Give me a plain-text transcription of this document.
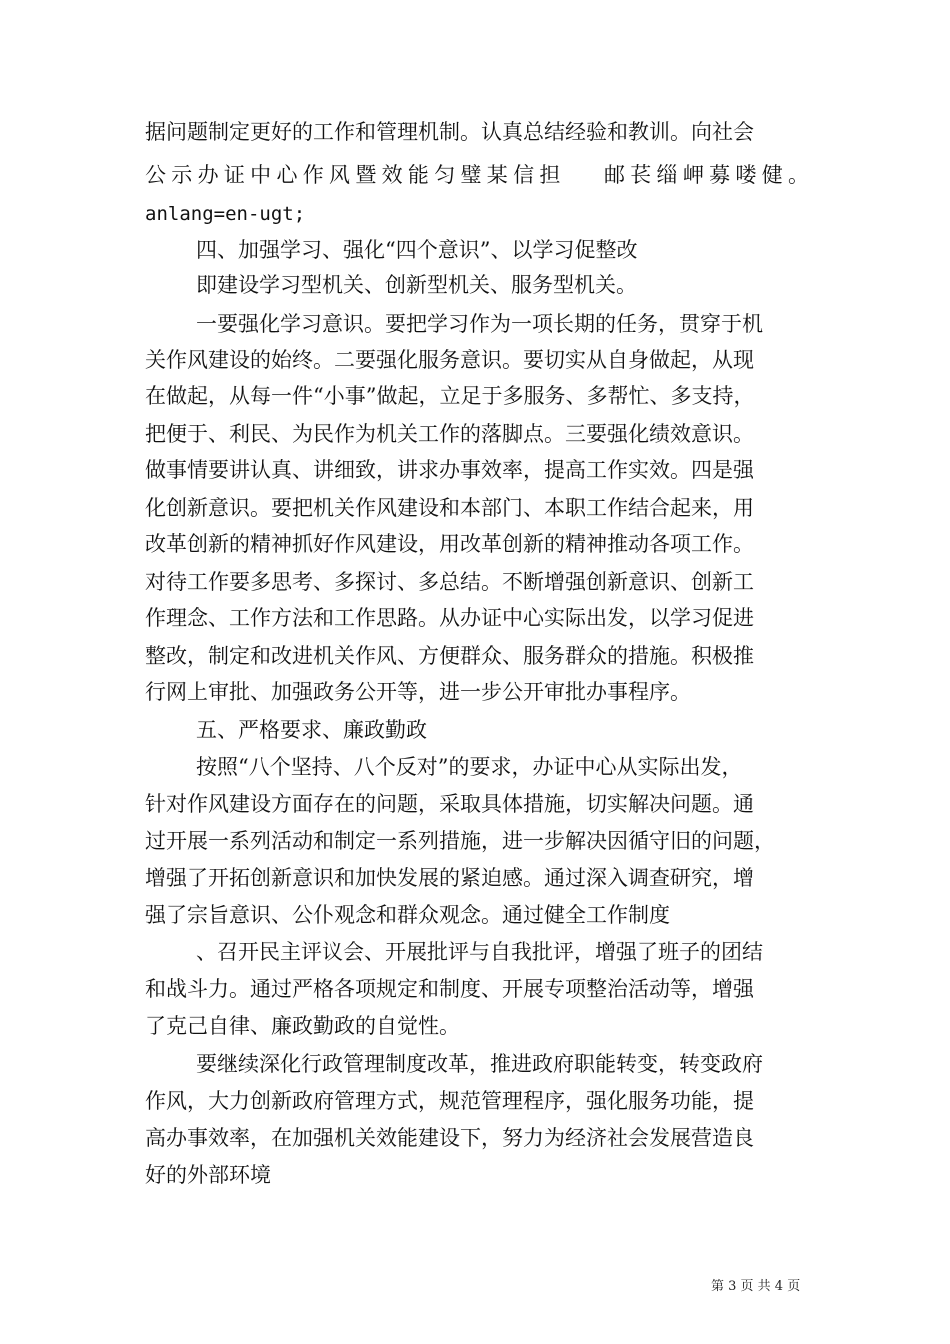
据问题制定更好的工作和管理机制。认真总结经验和教训。向社会
公示办证中心作风暨效能匀璧某信担　 邮苌缁岬募喽健。
anlang=en-ugt;
四、加强学习、强化“四个意识”、以学习促整改
即建设学习型机关、创新型机关、服务型机关。
一要强化学习意识。要把学习作为一项长期的任务，贯穿于机
关作风建设的始终。二要强化服务意识。要切实从自身做起，从现
在做起，从每一件“小事”做起，立足于多服务、多帮忙、多支持，
把便于、利民、为民作为机关工作的落脚点。三要强化绩效意识。
做事情要讲认真、讲细致，讲求办事效率，提高工作实效。四是强
化创新意识。要把机关作风建设和本部门、本职工作结合起来，用
改革创新的精神抓好作风建设，用改革创新的精神推动各项工作。
对待工作要多思考、多探讨、多总结。不断增强创新意识、创新工
作理念、工作方法和工作思路。从办证中心实际出发，以学习促进
整改，制定和改进机关作风、方便群众、服务群众的措施。积极推
行网上审批、加强政务公开等，进一步公开审批办事程序。
五、严格要求、廉政勤政
按照“八个坚持、八个反对”的要求，办证中心从实际出发，
针对作风建设方面存在的问题，采取具体措施，切实解决问题。通
过开展一系列活动和制定一系列措施，进一步解决因循守旧的问题，
增强了开拓创新意识和加快发展的紧迫感。通过深入调查研究，增
强了宗旨意识、公仆观念和群众观念。通过健全工作制度
、召开民主评议会、开展批评与自我批评，增强了班子的团结
和战斗力。通过严格各项规定和制度、开展专项整治活动等，增强
了克己自律、廉政勤政的自觉性。
要继续深化行政管理制度改革，推进政府职能转变，转变政府
作风，大力创新政府管理方式，规范管理程序，强化服务功能，提
高办事效率，在加强机关效能建设下，努力为经济社会发展营造良
好的外部环境
第 3 页 共 4 页
